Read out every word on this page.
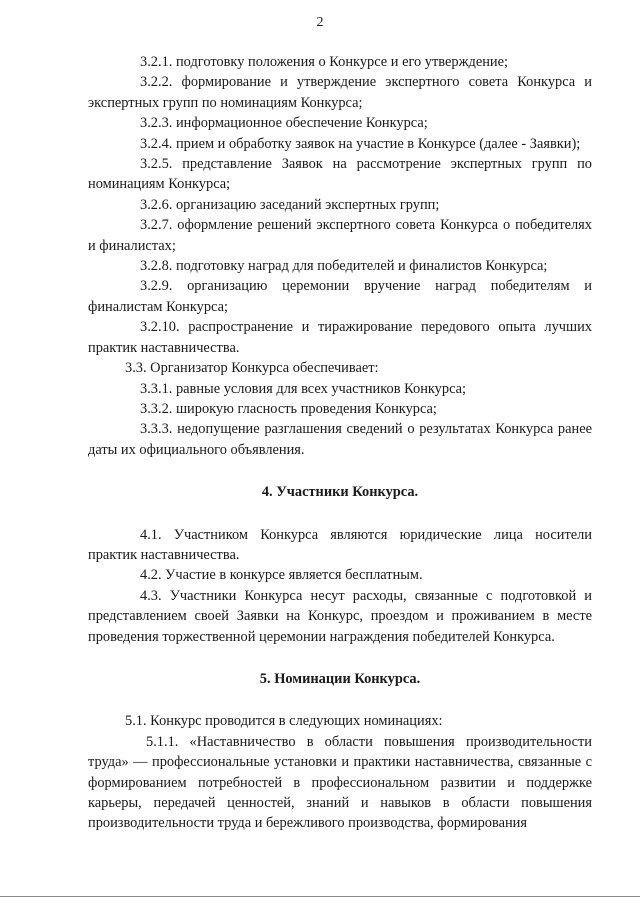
2

3.2.1. подготовку положения о Конкурсе и его утверждение;

3.2.2. формирование и утверждение экспертного совета Конкурса и экспертных групп по номинациям Конкурса;

3.2.3. информационное обеспечение Конкурса;

3.2.4. прием и обработку заявок на участие в Конкурсе (далее - Заявки);

3.2.5. представление Заявок на рассмотрение экспертных групп по номинациям Конкурса;

3.2.6. организацию заседаний экспертных групп;

3.2.7. оформление решений экспертного совета Конкурса о победителях и финалистах;

3.2.8. подготовку наград для победителей и финалистов Конкурса;

3.2.9. организацию церемонии вручение наград победителям и финалистам Конкурса;

3.2.10. распространение и тиражирование передового опыта лучших практик наставничества.

3.3. Организатор Конкурса обеспечивает:

3.3.1. равные условия для всех участников Конкурса;

3.3.2. широкую гласность проведения Конкурса;

3.3.3. недопущение разглашения сведений о результатах Конкурса ранее даты их официального объявления.

4. Участники Конкурса.

4.1. Участником Конкурса являются юридические лица носители практик наставничества.

4.2. Участие в конкурсе является бесплатным.

4.3. Участники Конкурса несут расходы, связанные с подготовкой и представлением своей Заявки на Конкурс, проездом и проживанием в месте проведения торжественной церемонии награждения победителей Конкурса.

5. Номинации Конкурса.

5.1. Конкурс проводится в следующих номинациях:

5.1.1. «Наставничество в области повышения производительности труда» — профессиональные установки и практики наставничества, связанные с формированием потребностей в профессиональном развитии и поддержке карьеры, передачей ценностей, знаний и навыков в области повышения производительности труда и бережливого производства, формирования
